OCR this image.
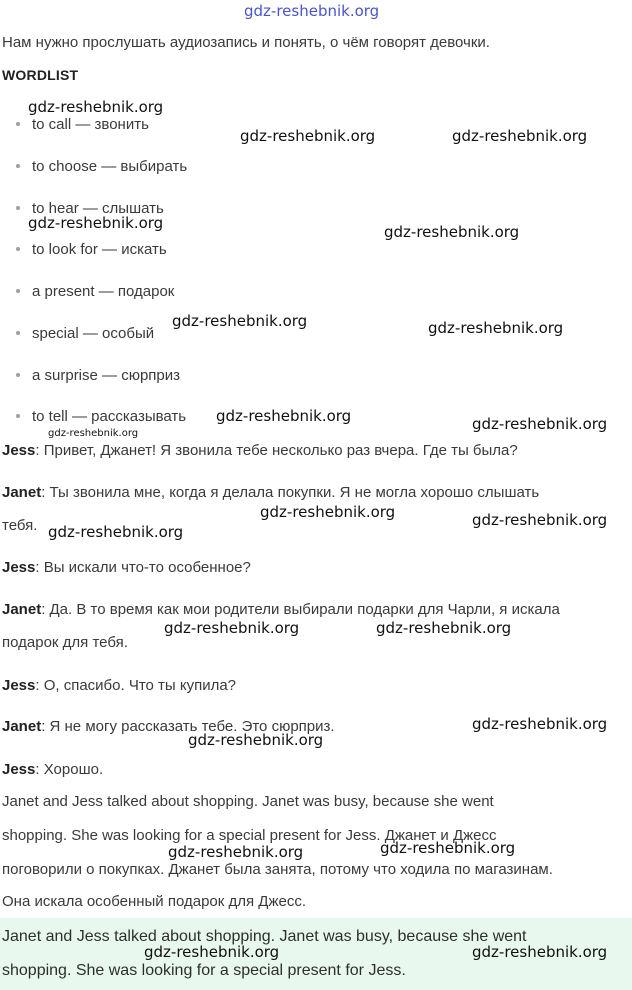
gdz-reshebnik.org
Нам нужно прослушать аудиозапись и понять, о чём говорят девочки.
WORDLIST
to call — звонить
to choose — выбирать
to hear — слышать
to look for — искать
a present — подарок
special — особый
a surprise — сюрприз
to tell — рассказывать
Jess: Привет, Джанет! Я звонила тебе несколько раз вчера. Где ты была?
Janet: Ты звонила мне, когда я делала покупки. Я не могла хорошо слышать
тебя.
Jess: Вы искали что-то особенное?
Janet: Да. В то время как мои родители выбирали подарки для Чарли, я искала
подарок для тебя.
Jess: О, спасибо. Что ты купила?
Janet: Я не могу рассказать тебе. Это сюрприз.
Jess: Хорошо.
Janet and Jess talked about shopping. Janet was busy, because she went
shopping. She was looking for a special present for Jess. Джанет и Джесс
поговорили о покупках. Джанет была занята, потому что ходила по магазинам.
Она искала особенный подарок для Джесс.
Janet and Jess talked about shopping. Janet was busy, because she went
shopping. She was looking for a special present for Jess.
gdz-reshebnik.org
gdz-reshebnik.org	gdz-reshebnik.org
gdz-reshebnik.org	gdz-reshebnik.org
gdz-reshebnik.org	gdz-reshebnik.org
gdz-reshebnik.org	gdz-reshebnik.org
gdz-reshebnik.org
gdz-reshebnik.org	gdz-reshebnik.org
gdz-reshebnik.org
gdz-reshebnik.org	gdz-reshebnik.org
gdz-reshebnik.org
gdz-reshebnik.org
gdz-reshebnik.org
gdz-reshebnik.org
gdz-reshebnik.org	gdz-reshebnik.org
